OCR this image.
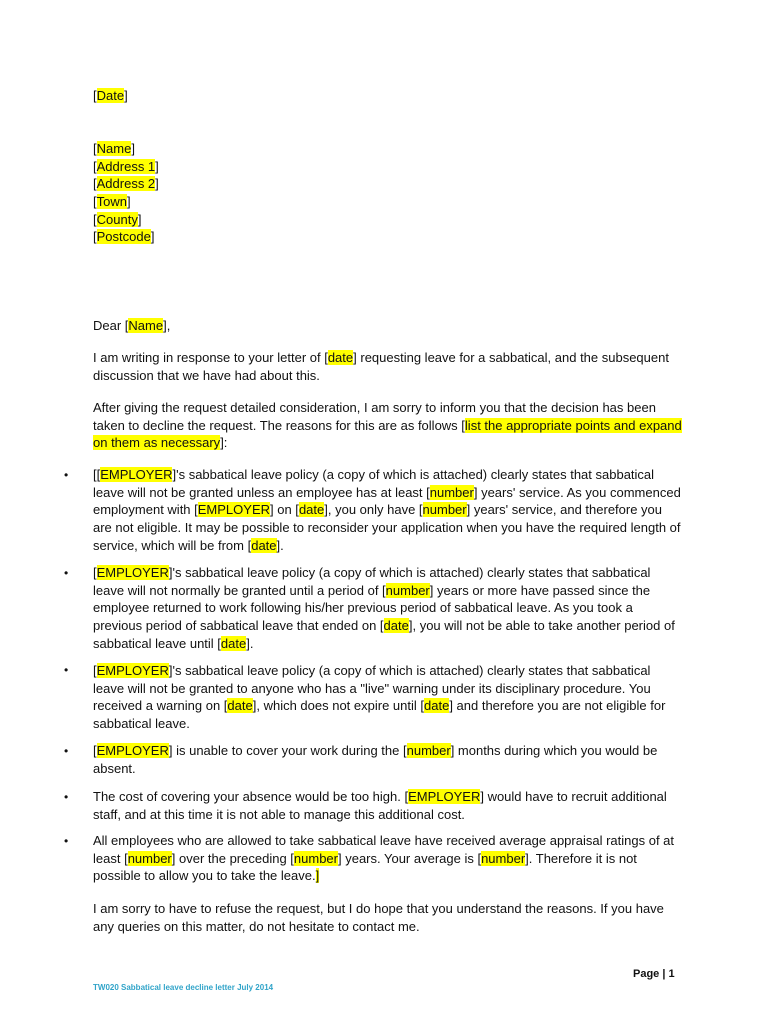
[Date]
[Name]
[Address 1]
[Address 2]
[Town]
[County]
[Postcode]
Dear [Name],

I am writing in response to your letter of [date] requesting leave for a sabbatical, and the subsequent discussion that we have had about this.

After giving the request detailed consideration, I am sorry to inform you that the decision has been taken to decline the request. The reasons for this are as follows [list the appropriate points and expand on them as necessary]:

• [[EMPLOYER]'s sabbatical leave policy (a copy of which is attached) clearly states that sabbatical leave will not be granted unless an employee has at least [number] years' service. As you commenced employment with [EMPLOYER] on [date], you only have [number] years' service, and therefore you are not eligible. It may be possible to reconsider your application when you have the required length of service, which will be from [date].

• [EMPLOYER]'s sabbatical leave policy (a copy of which is attached) clearly states that sabbatical leave will not normally be granted until a period of [number] years or more have passed since the employee returned to work following his/her previous period of sabbatical leave. As you took a previous period of sabbatical leave that ended on [date], you will not be able to take another period of sabbatical leave until [date].

• [EMPLOYER]'s sabbatical leave policy (a copy of which is attached) clearly states that sabbatical leave will not be granted to anyone who has a "live" warning under its disciplinary procedure. You received a warning on [date], which does not expire until [date] and therefore you are not eligible for sabbatical leave.

• [EMPLOYER] is unable to cover your work during the [number] months during which you would be absent.

• The cost of covering your absence would be too high. [EMPLOYER] would have to recruit additional staff, and at this time it is not able to manage this additional cost.

• All employees who are allowed to take sabbatical leave have received average appraisal ratings of at least [number] over the preceding [number] years. Your average is [number]. Therefore it is not possible to allow you to take the leave.]

I am sorry to have to refuse the request, but I do hope that you understand the reasons. If you have any queries on this matter, do not hesitate to contact me.

Page | 1
TW020 Sabbatical leave decline letter July 2014
